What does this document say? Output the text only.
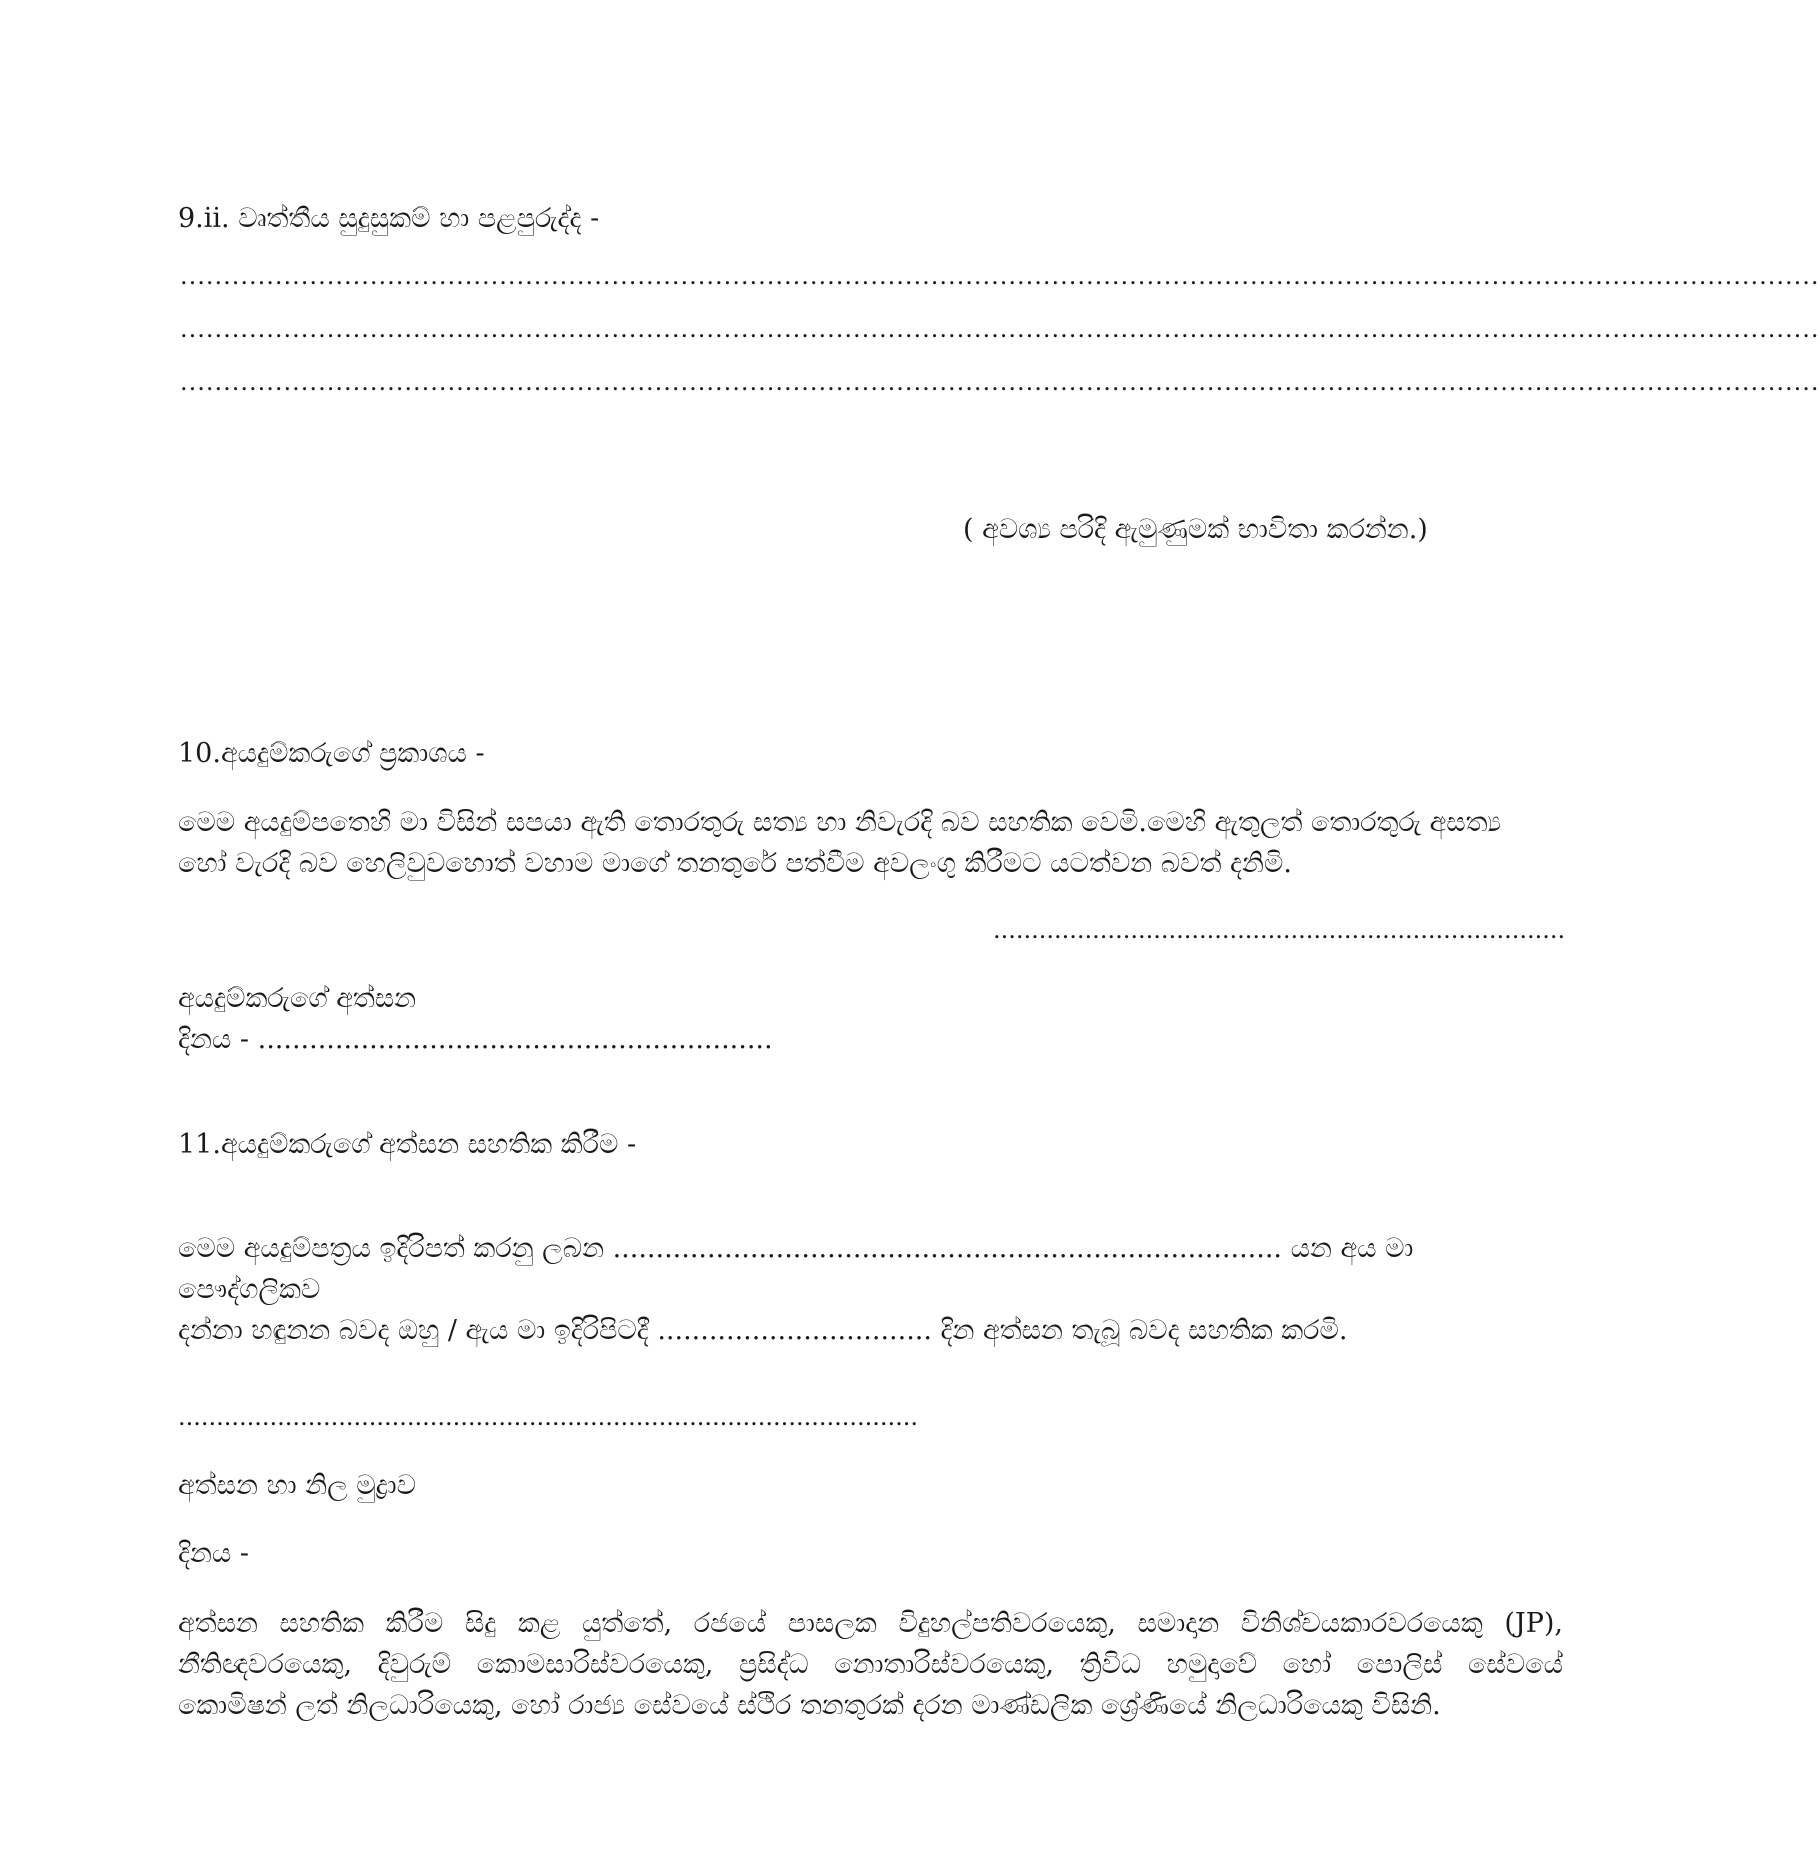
9.ii. වෘත්තීය සුදුසුකම් හා පළපුරුද්ද -
..............................................................................................................................................................................................
..............................................................................................................................................................................................
..............................................................................................................................................................................................
( අවශ්‍ය පරිදි ඇමුණුමක් භාවිතා කරන්න.)
10.අයදුම්කරුගේ ප්‍රකාශය -
මෙම අයදුම්පතෙහි මා විසින් සපයා ඇති තොරතුරු සත්‍ය හා නිවැරදි බව සහතික වෙමි.මෙහි ඇතුලත් තොරතුරු අසත්‍ය
හෝ වැරදි බව හෙලිවුවහොත් වහාම මාගේ තනතුරේ පත්වීම අවලංගු කිරීමට යටත්වන බවත් දනිමි.
...........................................................................
අයදුම්කරුගේ අත්සන
දිනය - ............................................................
11.අයදුම්කරුගේ අත්සන සහතික කිරීම -
මෙම අයදුම්පත්‍රය ඉදිරිපත් කරනු ලබන .............................................................................. යන අය මා පෞද්ගලිකව
දන්නා හඳුනන බවද ඔහු / ඇය මා ඉදිරිපිටදී ................................ දින අත්සන තැබූ බවද සහතික කරමි.
.................................................................................................
අත්සන හා නිල මුද්‍රාව
දිනය -
අත්සන සහතික කිරීම සිදු කළ යුත්තේ, රජයේ පාසලක විදුහල්පතිවරයෙකු, සමාදාන විනිශ්චයකාරවරයෙකු (JP),
නීතිඥවරයෙකු, දිවුරුම් කොමසාරිස්වරයෙකු, ප්‍රසිද්ධ නොතාරිස්වරයෙකු, ත්‍රිවිධ හමුදාවේ හෝ පොලිස් සේවයේ
කොමිෂන් ලත් නිලධාරියෙකු, හෝ රාජ්‍ය සේවයේ ස්ථිර තනතුරක් දරන මාණ්ඩලික ශ්‍රේණියේ නිලධාරියෙකු විසිනි.
